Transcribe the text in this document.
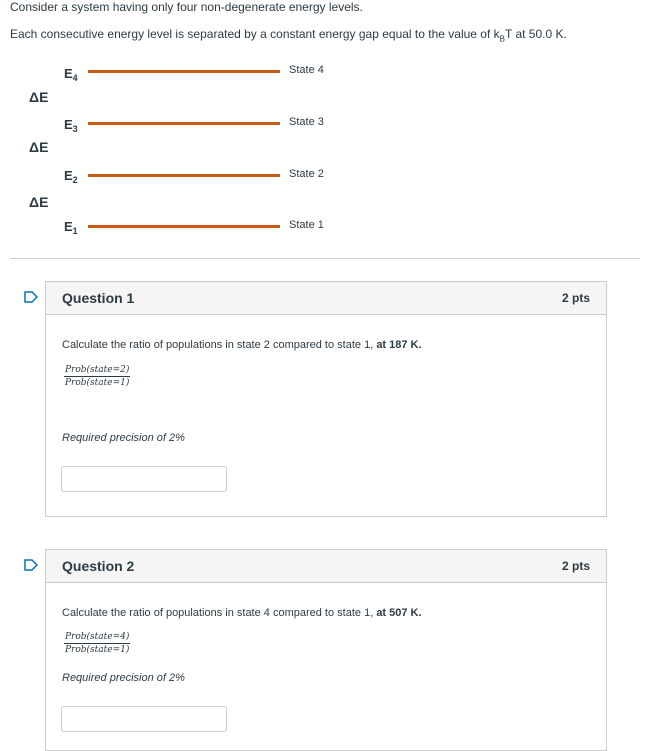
Consider a system having only four non-degenerate energy levels.
Each consecutive energy level is separated by a constant energy gap equal to the value of $k_BT$ at 50.0 K.
$E_4$
State 4
ΔE
$E_3$
State 3
ΔE
$E_2$	State 2
ΔE
$E_1$	State 1
Question 1	2 pts
Calculate the ratio of populations in state 2 compared to state 1, at 187 K.
Prob(state=2)
Prob(state=1)
Required precision of 2%
Question 2	2 pts
Calculate the ratio of populations in state 4 compared to state 1, at 507 K.
Prob(state=4)
Prob(state=1)
Required precision of 2%
